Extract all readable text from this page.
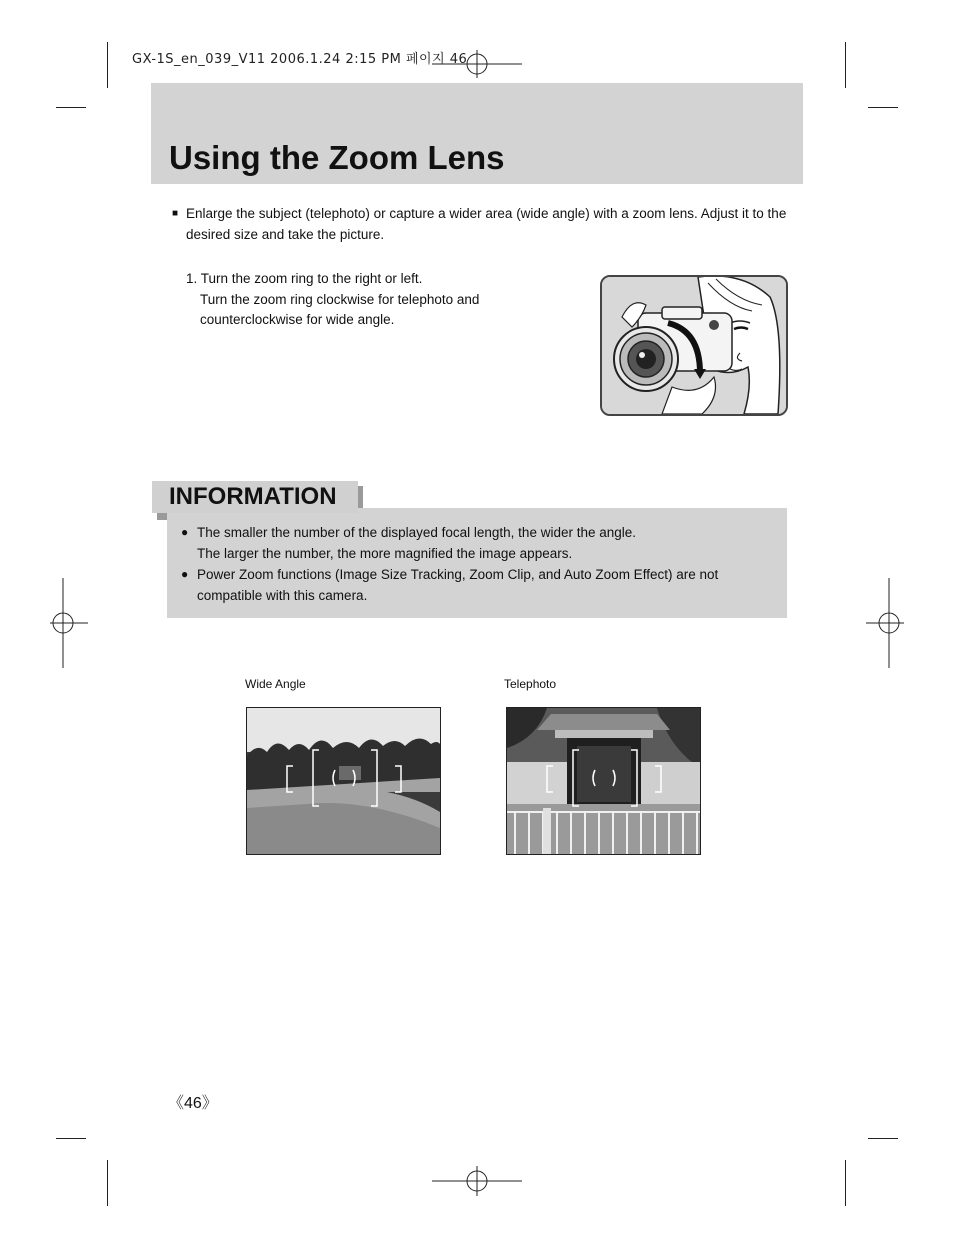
GX-1S_en_039_V11 2006.1.24 2:15 PM 페이지 46
Using the Zoom Lens
■ Enlarge the subject (telephoto) or capture a wider area (wide angle) with a zoom lens. Adjust it to the desired size and take the picture.
1. Turn the zoom ring to the right or left.
Turn the zoom ring clockwise for telephoto and counterclockwise for wide angle.
● The smaller the number of the displayed focal length, the wider the angle.
The larger the number, the more magnified the image appears.
● Power Zoom functions (Image Size Tracking, Zoom Clip, and Auto Zoom Effect) are not compatible with this camera.
INFORMATION
Wide Angle	Telephoto
《46》
